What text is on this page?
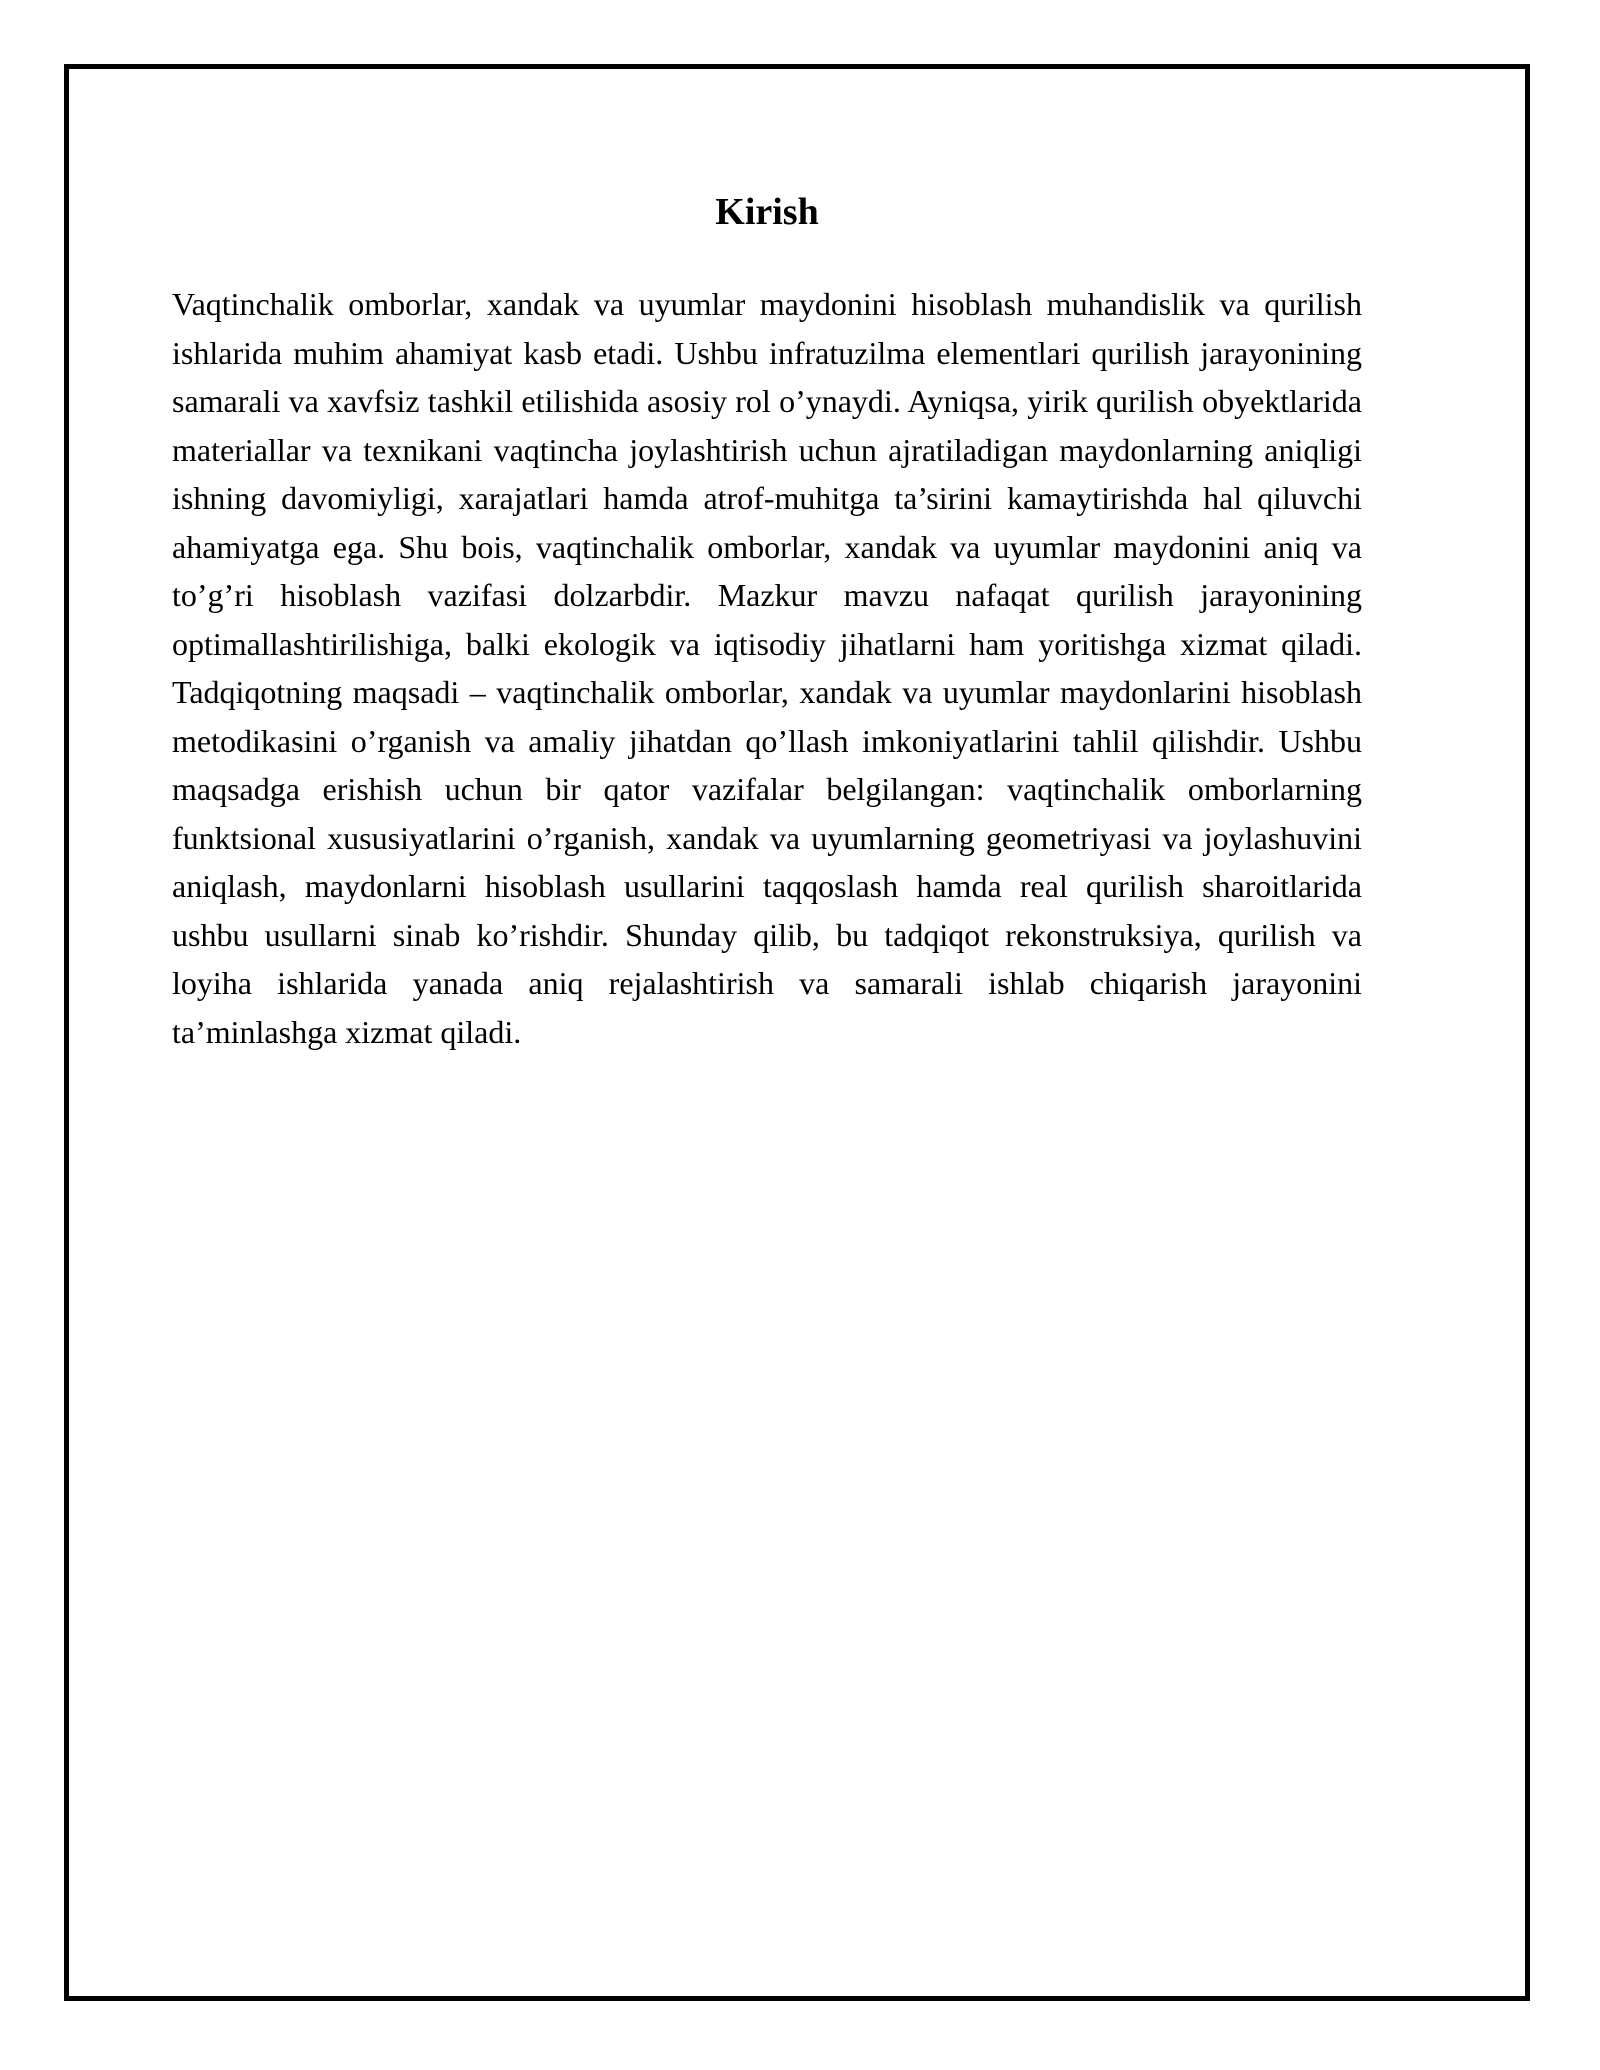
Kirish

Vaqtinchalik omborlar, xandak va uyumlar maydonini hisoblash muhandislik va qurilish ishlarida muhim ahamiyat kasb etadi. Ushbu infratuzilma elementlari qurilish jarayonining samarali va xavfsiz tashkil etilishida asosiy rol o’ynaydi. Ayniqsa, yirik qurilish obyektlarida materiallar va texnikani vaqtincha joylashtirish uchun ajratiladigan maydonlarning aniqligi ishning davomiyligi, xarajatlari hamda atrof-muhitga ta’sirini kamaytirishda hal qiluvchi ahamiyatga ega. Shu bois, vaqtinchalik omborlar, xandak va uyumlar maydonini aniq va to’g’ri hisoblash vazifasi dolzarbdir. Mazkur mavzu nafaqat qurilish jarayonining optimallashtirilishiga, balki ekologik va iqtisodiy jihatlarni ham yoritishga xizmat qiladi. Tadqiqotning maqsadi – vaqtinchalik omborlar, xandak va uyumlar maydonlarini hisoblash metodikasini o’rganish va amaliy jihatdan qo’llash imkoniyatlarini tahlil qilishdir. Ushbu maqsadga erishish uchun bir qator vazifalar belgilangan: vaqtinchalik omborlarning funktsional xususiyatlarini o’rganish, xandak va uyumlarning geometriyasi va joylashuvini aniqlash, maydonlarni hisoblash usullarini taqqoslash hamda real qurilish sharoitlarida ushbu usullarni sinab ko’rishdir. Shunday qilib, bu tadqiqot rekonstruksiya, qurilish va loyiha ishlarida yanada aniq rejalashtirish va samarali ishlab chiqarish jarayonini ta’minlashga xizmat qiladi.
